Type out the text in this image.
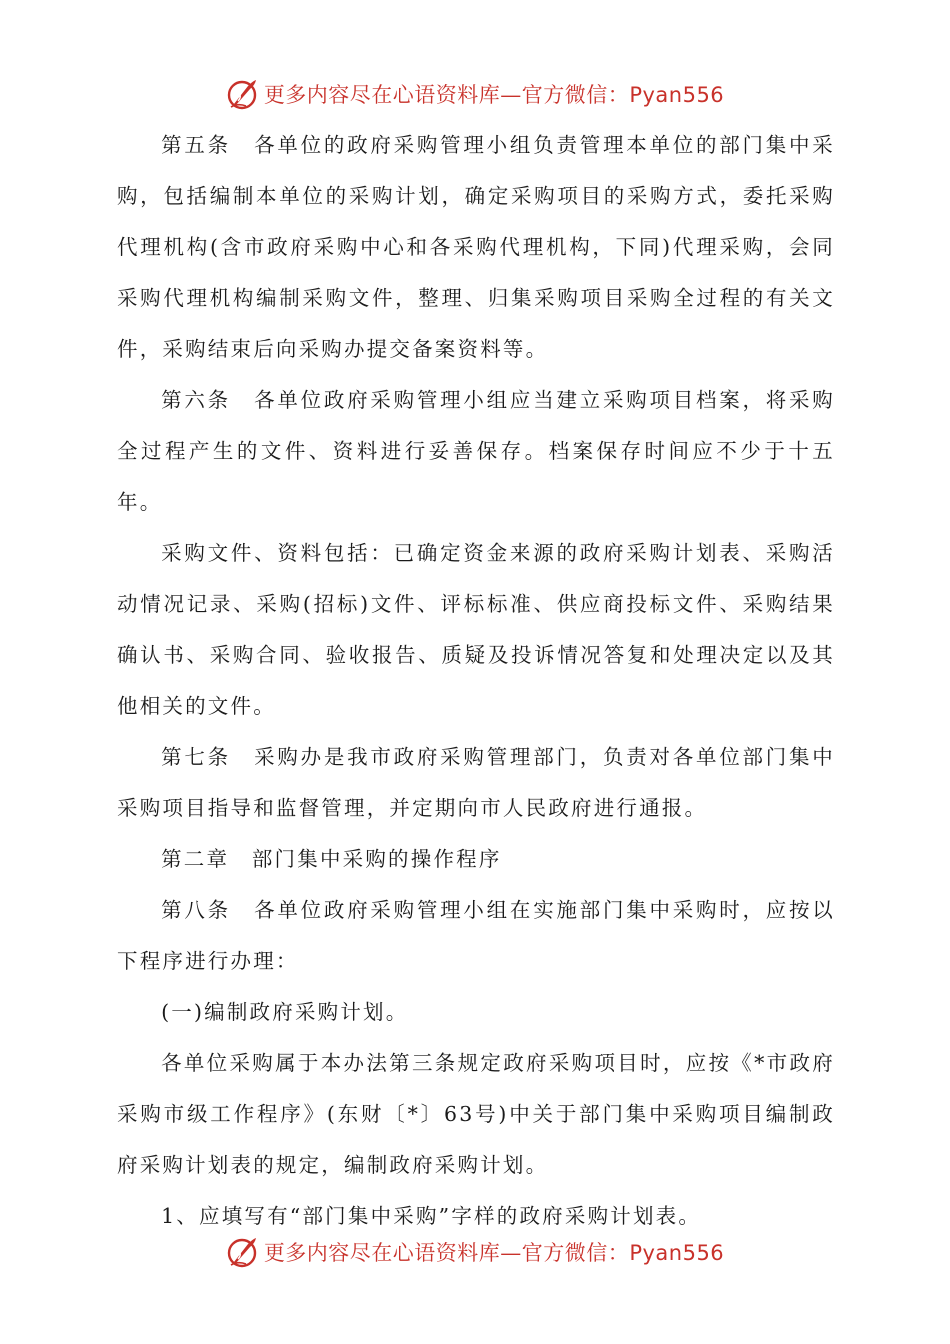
更多内容尽在心语资料库—官方微信：Pyan556

第五条　各单位的政府采购管理小组负责管理本单位的部门集中采购，包括编制本单位的采购计划，确定采购项目的采购方式，委托采购代理机构(含市政府采购中心和各采购代理机构，下同)代理采购，会同采购代理机构编制采购文件，整理、归集采购项目采购全过程的有关文件，采购结束后向采购办提交备案资料等。

第六条　各单位政府采购管理小组应当建立采购项目档案，将采购全过程产生的文件、资料进行妥善保存。档案保存时间应不少于十五年。

采购文件、资料包括：已确定资金来源的政府采购计划表、采购活动情况记录、采购(招标)文件、评标标准、供应商投标文件、采购结果确认书、采购合同、验收报告、质疑及投诉情况答复和处理决定以及其他相关的文件。

第七条　采购办是我市政府采购管理部门，负责对各单位部门集中采购项目指导和监督管理，并定期向市人民政府进行通报。

第二章　部门集中采购的操作程序

第八条　各单位政府采购管理小组在实施部门集中采购时，应按以下程序进行办理：

(一)编制政府采购计划。

各单位采购属于本办法第三条规定政府采购项目时，应按《*市政府采购市级工作程序》(东财〔*〕63号)中关于部门集中采购项目编制政府采购计划表的规定，编制政府采购计划。

1、应填写有“部门集中采购”字样的政府采购计划表。

更多内容尽在心语资料库—官方微信：Pyan556
